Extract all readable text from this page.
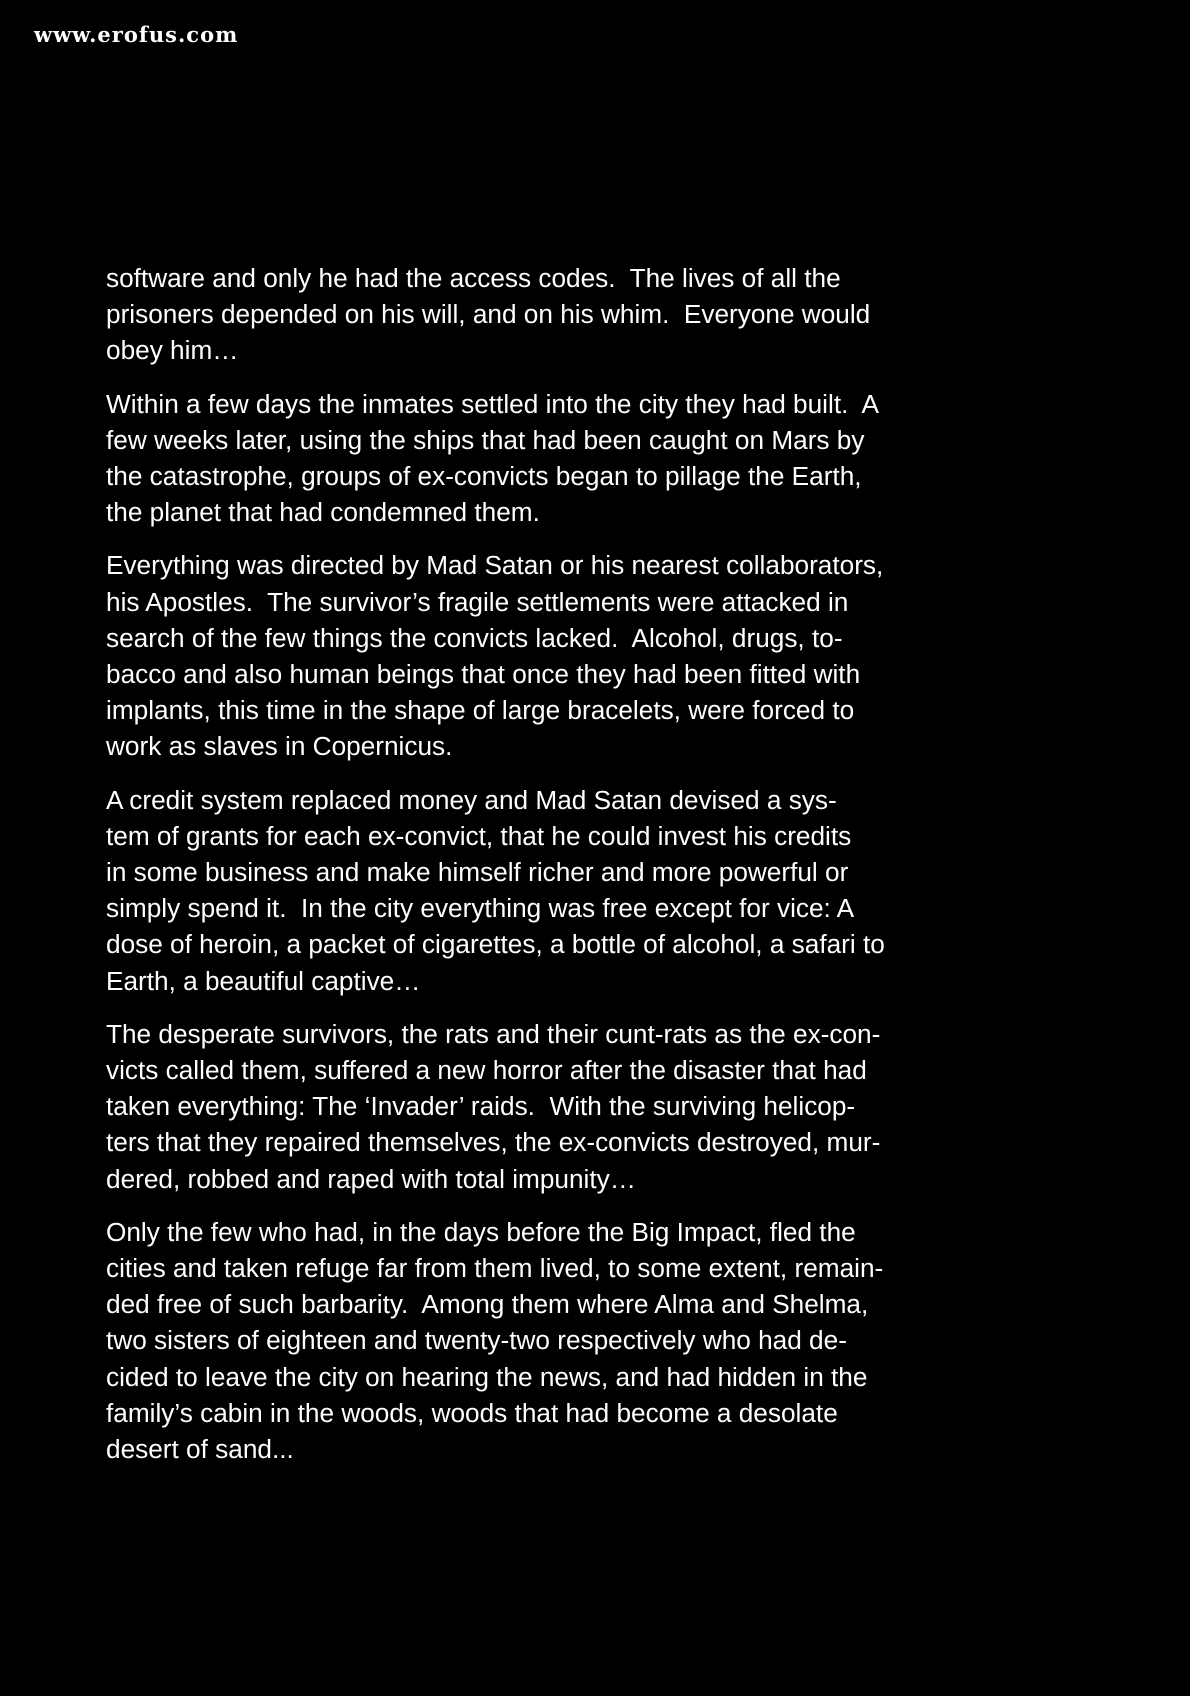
www.erofus.com

software and only he had the access codes.  The lives of all the
prisoners depended on his will, and on his whim.  Everyone would
obey him…

Within a few days the inmates settled into the city they had built.  A
few weeks later, using the ships that had been caught on Mars by
the catastrophe, groups of ex-convicts began to pillage the Earth,
the planet that had condemned them.

Everything was directed by Mad Satan or his nearest collaborators,
his Apostles.  The survivor’s fragile settlements were attacked in
search of the few things the convicts lacked.  Alcohol, drugs, to-
bacco and also human beings that once they had been fitted with
implants, this time in the shape of large bracelets, were forced to
work as slaves in Copernicus.

A credit system replaced money and Mad Satan devised a sys-
tem of grants for each ex-convict, that he could invest his credits
in some business and make himself richer and more powerful or
simply spend it.  In the city everything was free except for vice: A
dose of heroin, a packet of cigarettes, a bottle of alcohol, a safari to
Earth, a beautiful captive…

The desperate survivors, the rats and their cunt-rats as the ex-con-
victs called them, suffered a new horror after the disaster that had
taken everything: The ‘Invader’ raids.  With the surviving helicop-
ters that they repaired themselves, the ex-convicts destroyed, mur-
dered, robbed and raped with total impunity…

Only the few who had, in the days before the Big Impact, fled the
cities and taken refuge far from them lived, to some extent, remain-
ded free of such barbarity.  Among them where Alma and Shelma,
two sisters of eighteen and twenty-two respectively who had de-
cided to leave the city on hearing the news, and had hidden in the
family’s cabin in the woods, woods that had become a desolate
desert of sand...
